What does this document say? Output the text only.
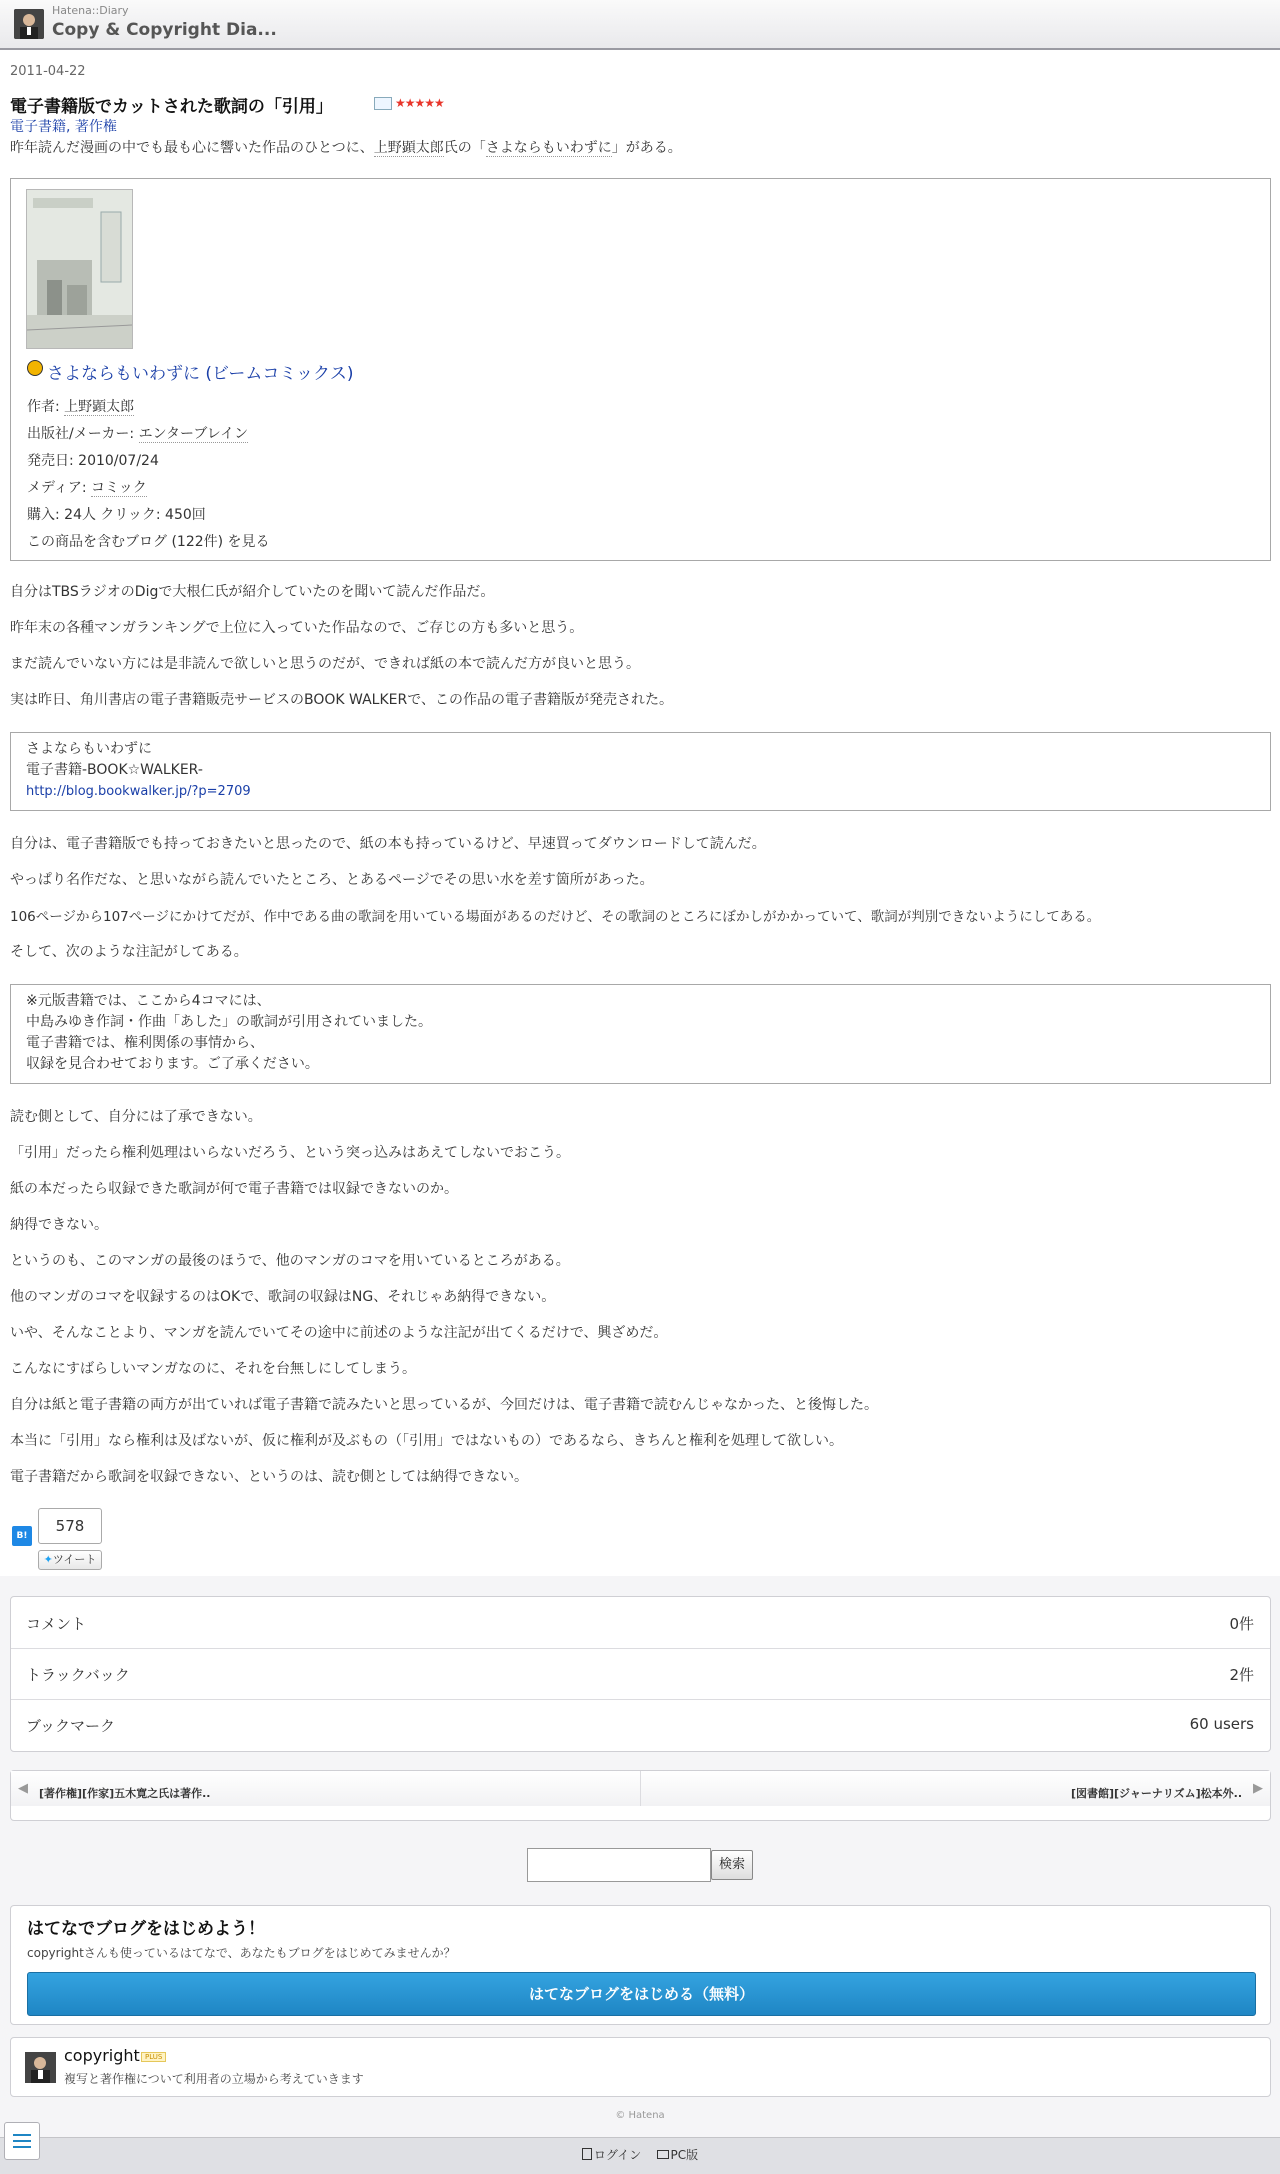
Hatena::Diary
Copy & Copyright Dia...
2011-04-22
電子書籍版でカットされた歌詞の「引用」	★★★★★
電子書籍, 著作権
昨年読んだ漫画の中でも最も心に響いた作品のひとつに、上野顕太郎氏の「さよならもいわずに」がある。
さよならもいわずに (ビームコミックス)
作者: 上野顕太郎
出版社/メーカー: エンターブレイン
発売日: 2010/07/24
メディア: コミック
購入: 24人 クリック: 450回
この商品を含むブログ (122件) を見る
自分はTBSラジオのDigで大根仁氏が紹介していたのを聞いて読んだ作品だ。
昨年末の各種マンガランキングで上位に入っていた作品なので、ご存じの方も多いと思う。
まだ読んでいない方には是非読んで欲しいと思うのだが、できれば紙の本で読んだ方が良いと思う。
実は昨日、角川書店の電子書籍販売サービスのBOOK WALKERで、この作品の電子書籍版が発売された。
さよならもいわずに
電子書籍-BOOK☆WALKER-
http://blog.bookwalker.jp/?p=2709
自分は、電子書籍版でも持っておきたいと思ったので、紙の本も持っているけど、早速買ってダウンロードして読んだ。
やっぱり名作だな、と思いながら読んでいたところ、とあるページでその思い水を差す箇所があった。
106ページから107ページにかけてだが、作中である曲の歌詞を用いている場面があるのだけど、その歌詞のところにぼかしがかかっていて、歌詞が判別できないようにしてある。
そして、次のような注記がしてある。
※元版書籍では、ここから4コマには、
中島みゆき作詞・作曲「あした」の歌詞が引用されていました。
電子書籍では、権利関係の事情から、
収録を見合わせております。ご了承ください。
読む側として、自分には了承できない。
「引用」だったら権利処理はいらないだろう、という突っ込みはあえてしないでおこう。
紙の本だったら収録できた歌詞が何で電子書籍では収録できないのか。
納得できない。
というのも、このマンガの最後のほうで、他のマンガのコマを用いているところがある。
他のマンガのコマを収録するのはOKで、歌詞の収録はNG、それじゃあ納得できない。
いや、そんなことより、マンガを読んでいてその途中に前述のような注記が出てくるだけで、興ざめだ。
こんなにすばらしいマンガなのに、それを台無しにしてしまう。
自分は紙と電子書籍の両方が出ていれば電子書籍で読みたいと思っているが、今回だけは、電子書籍で読むんじゃなかった、と後悔した。
本当に「引用」なら権利は及ばないが、仮に権利が及ぶもの（「引用」ではないもの）であるなら、きちんと権利を処理して欲しい。
電子書籍だから歌詞を収録できない、というのは、読む側としては納得できない。
B!
578
✦ツイート
コメント	0件
トラックバック	2件
ブックマーク	60 users
◀ [著作権][作家]五木寛之氏は著作..	[図書館][ジャーナリズム]松本外.. ▶
検索
はてなでブログをはじめよう！
copyrightさんも使っているはてなで、あなたもブログをはじめてみませんか？
はてなブログをはじめる（無料）
copyright PLUS
複写と著作権について利用者の立場から考えていきます
© Hatena
ログイン PC版
